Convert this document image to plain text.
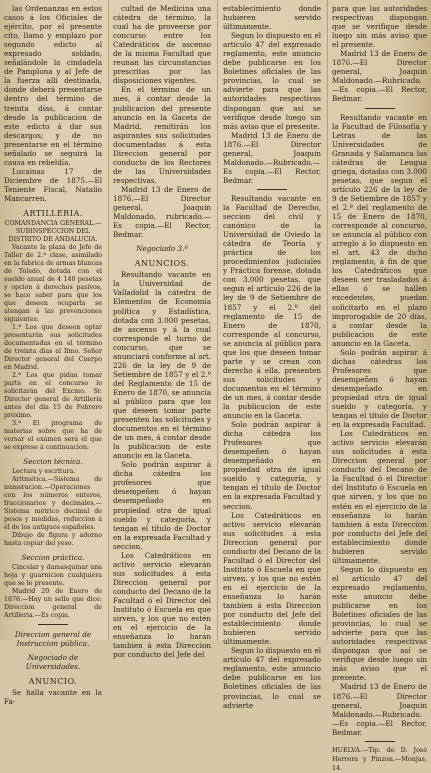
las Ordenanzas en estos casos á los Oficiales de ejército, por el presente cito, llamo y emplazo por segundo edicto al expresado soldado, señalándole la cindadela de Pamplona y al Jefe de la fuerza allí destinada, donde deberá presentarse dentro del término de treinta días, á contar desde la publicacion de este edicto á dar sus descargos; y de no presentarse en el término señalado se seguirá la causa en rebeldía.

Lucainas 17 de Diciembre de 1875.—El Teniente Fiscal, Natalio Mancarren.

ARTILLERIA.

COMANDANCIA GENERAL.—SUBINSPECCION DEL DISTRITO DE ANDALUCIA.

Vacante la plaza de Jefe de Taller de 2.ª clase, asimilado en la fabrica de armas blancas de Toledo, dotada con el sueldo anual de 4 140 pesetas y opcion á derechos pasivos, se hace saber para que los que deseen ocuparla se atengan á las prevenciones siguientes:

1.ª Los que deseen optar presentarán sus solicitudes documentadas en el término de treinta días al Ilmo. Señor Director general del Cuerpo en Madrid.

2.ª Los que pidan tomar parte en el concurso lo solicitarán del Excmo. Sr. Director general de Artilleria antes del día 15 de Febrero próximo.

3.ª El programa de materias sobre que ha de versar el exámen será el que se exprese á continuacion:

Seccion técnica.

Lectura y escritura.

Aritmética.—Sistema de numeracion.—Operaciones con los números enteros, fraccionarios y decimales.—Sistema métrico decimal de pesos y medidas, reduccion á él de los antiguos españoles.

Dibujo de figura y adorno hasta copiar del yeso.

Seccion práctica.

Cincelar y damasquinar una hoja y guarnicion cualquiera que se le presente.

Madrid 20 de Enero de 1876.—Hay un sello que dice: Direccion general de Artilleria.—Es copia.

Direccion general de Instruccion pública.
Negociado de Universidades.
ANUNCIO.

Se halla vacante en la Fa-

cultad de Medicina una cátedra de término, la cual ha de proveerse por concurso entre los Catedráticos de ascenso de la misma Facultad que reunan las circunstancias prescritas por las disposiciones vigentes.

En el término de un mes, á contar desde la publicacion del presente anuncio en la Gaceta de Madrid, remitirán los aspirantes sus solicitudes documentadas á esta Direccion general por conducto de los Rectores de las Universidades respectivas.

Madrid 13 de Enero de 1876.—El Director general, Joaquin Maldonado, rubricado.—Es copia.—El Rector, Bedmar.

Negociado 3.º
ANUNCIOS.

Resultando vacante en la Universidad de Valladolid la cátedra de Elementos de Economía política y Estadística, dotada con 3.000 pesetas, de ascenso y á la cual corresponde el turno de concurso, que se anunciará conforme al art. 226 de la ley de 9 de Setiembre de 1857 y el 2.º del Reglamento de 15 de Enero de 1870, se anuncia al público para que los que deseen tomar parte presenten las solicitudes y documentos en el término de un mes, á contar desde la publicacion de este anuncio en la Gaceta.

Solo podrán aspirar á dicha cátedra los profesores que desempeñen ó hayan desempeñado en propiedad otra de igual sueldo y categoría, y tengan el título de Doctor en la expresada Facultad y seccion.

Los Catedráticos en activo servicio elevarán sus solicitudes á esta Direccion general por conducto del Decano de la Facultad ó el Director del Instituto ó Escuela en que sirven, y los que no estén en el ejercicio de la enseñanza lo harán tambien á esta Direccion por conducto del Jefe del

establecimiento donde hubieren servido últimamente.

Segun lo dispuesto en el artículo 47 del expresado reglamento, este anuncio debe publicarse en los Boletines oficiales de las provincias, lo cual se advierte para que las autoridades respectivas dispongan que así se verifique desde luego sin más aviso que el presente.

Madrid 13 de Enero de 1876.—El Director general, Joaquin Maldonado.—Rubricado.—Es copia.—El Rector, Bedmar.

Resultando vacante en la Facultad de Derecho, seccion del civil y canónico de la Universidad de Oviedo la cátedra de Teoría y práctica de los procedimientos judiciales y Práctica forense, dotada con 3.000 pesetas, que segun el artículo 226 de la ley de 9 de Setiembre de 1857 y el 2.º del reglamento de 15 de Enero de 1870, corresponde al concurso, se anuncia al público para que los que deseen tomar parte y se crean con derecho á ella, presenten sus solicitudes y documentos en el término de un mes, á contar desde la publicacion de este anuncio en la Gaceta.

Solo podrán aspirar á dicha cátedra los Profesores que desempeñen ó hayan desempeñado en propiedad otra de igual sueldo y categoría, y tengan el título de Doctor en la expresada Facultad y seccion.

Los Catedráticos en activo servicio elevarán sus solicitudes á esta Direccion general por conducto del Decano de la Facultad ó el Director del Instituto ó Escuela en que sirven, y los que no estén en el ejercicio de la enseñanza lo harán tambien á esta Direccion por conducto del Jefe del establecimiento donde hubieren servido últimamente.

Segun lo dispuesto en el artículo 47 del expresado reglamento, este anuncio debe publicarse en los Boletines oficiales de las provincias, lo cual se advierte

para que las autoridades respectivas dispongan que se verifique desde luego sin más aviso que el presente.

Madrid 13 de Enero de 1876.—El Director general, Joaquin Maldonado.—Rubricado.—Es copia.—El Rector, Bedmar.

Resultando vacante en la Facultad de Filosofía y Letras de las Universidades de Granada y Salamanca las cátedras de Lengua griega, dotadas con 3.000 pesetas, que segun el artículo 226 de la ley de 9 de Setiembre de 1857 y el 2.º del reglamento de 15 de Enero de 1870, corresponde al concurso, se anuncia al público con arreglo á lo dispuesto en el art. 43 de dicho reglamento, á fin de que los Catedráticos que deseen ser trasladados á ellas ó se hallen excedentes, puedan solicitarlo en el plazo improrogable de 20 días, á contar desde la publicacion de este anuncio en la Gaceta.

Solo podrán aspirar á dichas cátedras los Profesores que desempeñen ó hayan desempeñado en propiedad otra de igual sueldo y categoría, y tengan el título de Doctor en la expresada Facultad.

Los Catedráticos en activo servicio elevarán sus solicitudes á esta Direccion general por conducto del Decano de la Facultad ó el Director del Instituto ó Escuela en que sirven, y los que no estén en el ejercicio de la enseñanza lo harán tambien á esta Direccion por conducto del Jefe del establecimiento donde hubieren servido últimamente.

Segun lo dispuesto en el artículo 47 del expresado reglamento, este anuncio debe publicarse en los Boletines oficiales de las provincias, lo cual se advierte para que las autoridades respectivas dispongan que así se verifique desde luego sin más aviso que el presente.

Madrid 13 de Enero de 1876.—El Director general, Joaquin Maldonado.—Rubricado.—Es copia.—El Rector, Bedmar.

HUELVA.—Tip. de D. José Herrera y Pinzon.—Monjas, 14.
